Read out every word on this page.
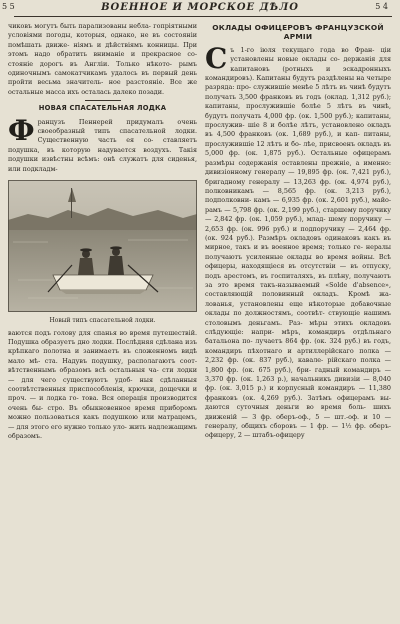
5 5	ВОЕННОЕ И МОРСКОЕ ДѢЛО	5 4

чиковъ могутъ быть парализованы небла- гопріятными условіями погоды, которыя, однако, не въ состояніи помѣшать движе- ніямъ и дѣйствіямъ конницы. При этомъ надо обратить вниманіе и прекрасное со- стояніе дорогъ въ Англіи. Только нѣкото- рымъ одиночнымъ самокатчикамъ удалось въ первый день пройти весьма значитель- ное разстояніе. Все же остальные масса ихъ осталась далеко позади.

НОВАЯ СПАСАТЕЛЬНАЯ ЛОДКА
Ф ранцузъ Пеннерей придумалъ очень своеобразный типъ спасательной лодки. Существенную часть ея со- ставляетъ подушка, въ которую надувается воздухъ. Такія подушки извѣстны всѣмъ: онѣ служатъ для сиденья, или подкладм-

Новый типъ спасательной лодки.

ваются подъ голову для спанья во время путешествій. Подушка образуетъ дно лодки. Послѣдняя сдѣлана изъ крѣпкаго полотна и занимаетъ въ сложенномъ видѣ мало мѣ- ста. Надувъ подушку, располагаютъ соот- вѣтственнымъ образомъ всѣ остальныя ча- сти лодки — для чего существуютъ удоб- ныя сдѣланныя соотвѣтственныя приспособленія, крючки, дощечки и проч. — и лодка го- това. Вся операція производится очень бы- стро. Въ обыкновенное время приборомъ можно пользоваться какъ подушкою или матрацемъ, — для этого его нужно только уло- жить надлежащимъ образомъ.

ОКЛАДЫ ОФИЦЕРОВЪ ФРАНЦУЗСКОЙ АРМІИ
С ъ 1-го іюля текущаго года во Фран- ціи установлены новые оклады со- держанія для капитановъ (ротныхъ и эскадронныхъ командировъ). Капитаны будутъ раздѣлены на четыре разряда: про- служившіе менѣе 5 лѣтъ въ чинѣ будутъ получать 3,500 франковъ въ годъ (оклад. 1,312 руб.); капитаны, прослужившіе болѣе 5 лѣтъ въ чинѣ, будутъ получать 4,000 фр. (ок. 1,500 руб.); капитаны, прослужив- шіе 8 и болѣе лѣтъ, установлено окладъ въ 4,500 франковъ (ок. 1,689 руб.), и кап- питаны, прослужившіе 12 лѣтъ и бо- лѣе, присвоенъ окладъ въ 5,000 фр. (ок. 1,875 руб.). Остальные офицерамъ размѣры содержанія оставлены прежніе, а именно: дивизіонному генералу — 19,895 фр. (ок. 7,421 руб.), бригадному генералу — 13,263 фр. (ок. 4,974 руб.), полковникамъ — 8,565 фр. (ок. 3,213 руб.), подполковни- камъ — 6,935 фр. (ок. 2,601 руб.), майо- рамъ — 5,798 фр. (ок. 2,199 руб.), старшему поручику — 2,842 фр. (ок. 1,059 руб.), млад- шему поручику — 2,653 фр. (ок. 996 руб.) и подпоручику — 2,464 фр. (ок. 924 руб.). Размѣръ окладовъ одинаковъ какъ въ мирное, такъ и въ военное время; только ге- нералы получаютъ усиленные оклады во время войны. Всѣ офицеры, находящіеся въ отсутствіи — въ отпуску, подъ арестомъ, въ госпиталяхъ, въ плѣну, получаютъ за это время такъ-называемый «Solde d'absence», составляющій половинный окладъ. Кромѣ жа- лованья, установлены еще нѣкоторые добавочные оклады по должностямъ, соотвѣт- ствующіе нашимъ столовымъ деньгамъ. Раз- мѣры этихъ окладовъ слѣдующіе: напри- мѣръ, командиръ отдѣльнаго батальона по- лучаетъ 864 фр. (ок. 324 руб.) въ годъ, командиръ пѣхотнаго и артиллерійскаго полка — 2,232 фр. (ок. 837 руб.), кавале- рійскаго полка — 1,800 фр. (ок. 675 руб.), бри- гадный командиръ — 3,370 фр. (ок. 1,263 р.), начальникъ дивизіи — 8,040 фр. (ок. 3,015 р.) и корпусный командиръ — 11,380 франковъ (ок. 4,269 руб.). Затѣмъ офицерамъ вы- даются суточныя деньги во время боль- шихъ движеній — 3 фр. оберъ-оф., 5 — шт.-оф. и 10 — генералу, общихъ сборовъ — 1 фр. — 1½ фр. оберъ-офицеру, 2 — штабъ-офицеру
